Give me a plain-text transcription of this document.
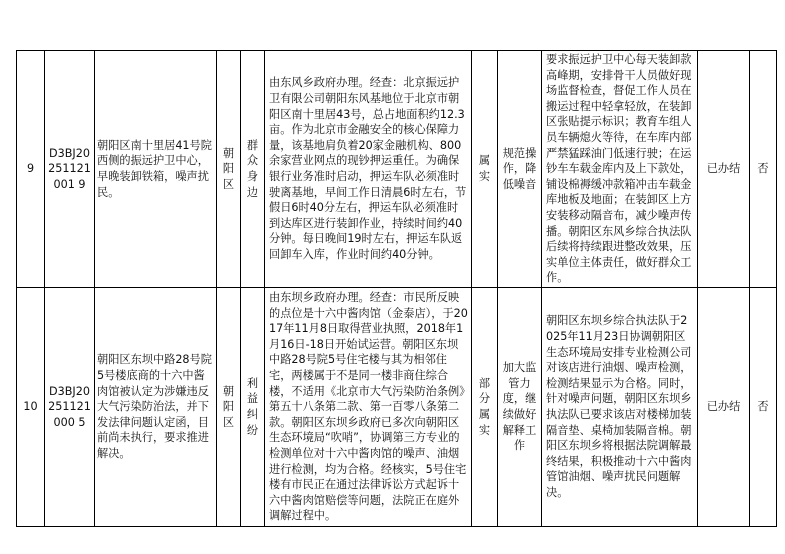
9	D3BJ20251121001 9	朝阳区南十里居41号院西侧的振远护卫中心，早晚装卸铁箱，噪声扰民。	朝阳区	群众身边	由东风乡政府办理。经查：北京振远护卫有限公司朝阳东风基地位于北京市朝阳区南十里居43号，总占地面积约12.3亩。作为北京市金融安全的核心保障力量，该基地肩负着20家金融机构、800余家营业网点的现钞押运重任。为确保银行业务准时启动，押运车队必须准时驶离基地，早间工作日清晨6时左右，节假日6时40分左右，押运车队必须准时到达库区进行装卸作业，持续时间约40分钟。每日晚间19时左右，押运车队返回卸车入库，作业时间约40分钟。	属实	规范操作，降低噪音	要求振远护卫中心每天装卸款高峰期，安排骨干人员做好现场监督检查，督促工作人员在搬运过程中轻拿轻放，在装卸区张贴提示标识；教育车组人员车辆熄火等待，在车库内部严禁猛踩油门低速行驶；在运钞车车载金库内及上下款处，铺设棉褥缓冲款箱冲击车载金库地板及地面；在装卸区上方安装移动隔音布，减少噪声传播。朝阳区东风乡综合执法队后续将持续跟进整改效果，压实单位主体责任，做好群众工作。	已办结	否
10	D3BJ20251121000 5	朝阳区东坝中路28号院5号楼底商的十六中酱肉馆被认定为涉嫌违反大气污染防治法，并下发法律问题认定函，目前尚未执行，要求推进解决。	朝阳区	利益纠纷	由东坝乡政府办理。经查：市民所反映的点位是十六中酱肉馆（金泰店），于2017年11月8日取得营业执照，2018年1月16日-18日开始试运营。朝阳区东坝中路28号院5号住宅楼与其为相邻住宅，两楼属于不是同一楼非商住综合楼，不适用《北京市大气污染防治条例》第五十八条第二款、第一百零八条第二款。朝阳区东坝乡政府已多次向朝阳区生态环境局“吹哨”，协调第三方专业的检测单位对十六中酱肉馆的噪声、油烟进行检测，均为合格。经核实，5号住宅楼有市民正在通过法律诉讼方式起诉十六中酱肉馆赔偿等问题，法院正在庭外调解过程中。	部分属实	加大监管力度，继续做好解释工作	朝阳区东坝乡综合执法队于2025年11月23日协调朝阳区生态环境局安排专业检测公司对该店进行油烟、噪声检测，检测结果显示为合格。同时，针对噪声问题，朝阳区东坝乡执法队已要求该店对楼梯加装隔音垫、桌椅加装隔音棉。朝阳区东坝乡将根据法院调解最终结果，积极推动十六中酱肉管馆油烟、噪声扰民问题解决。	已办结	否
